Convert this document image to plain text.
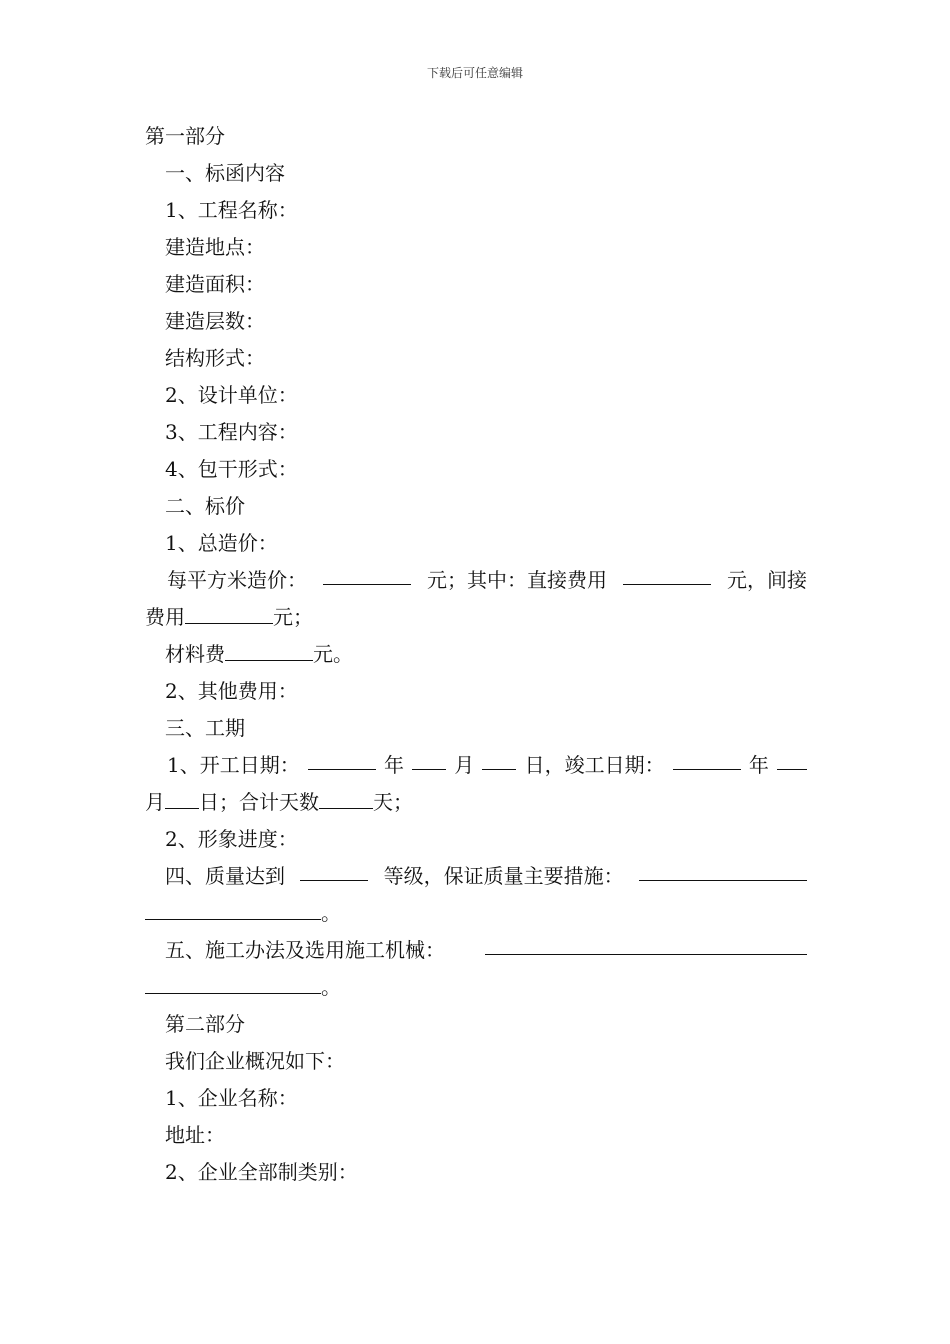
下载后可任意编辑
第一部分
一、标函内容
1、工程名称：
建造地点：
建造面积：
建造层数：
结构形式：
2、设计单位：
3、工程内容：
4、包干形式：
二、标价
1、总造价：
每平方米造价：	元；其中：直接费用	元，间接
费用	元；
材料费	元。
2、其他费用：
三、工期
1、开工日期：	年	月	日，竣工日期：	年
月 日；合计天数	天；
2、形象进度：
四、质量达到	等级，保证质量主要措施：
。
五、施工办法及选用施工机械：
。
第二部分
我们企业概况如下：
1、企业名称：
地址：
2、企业全部制类别：
